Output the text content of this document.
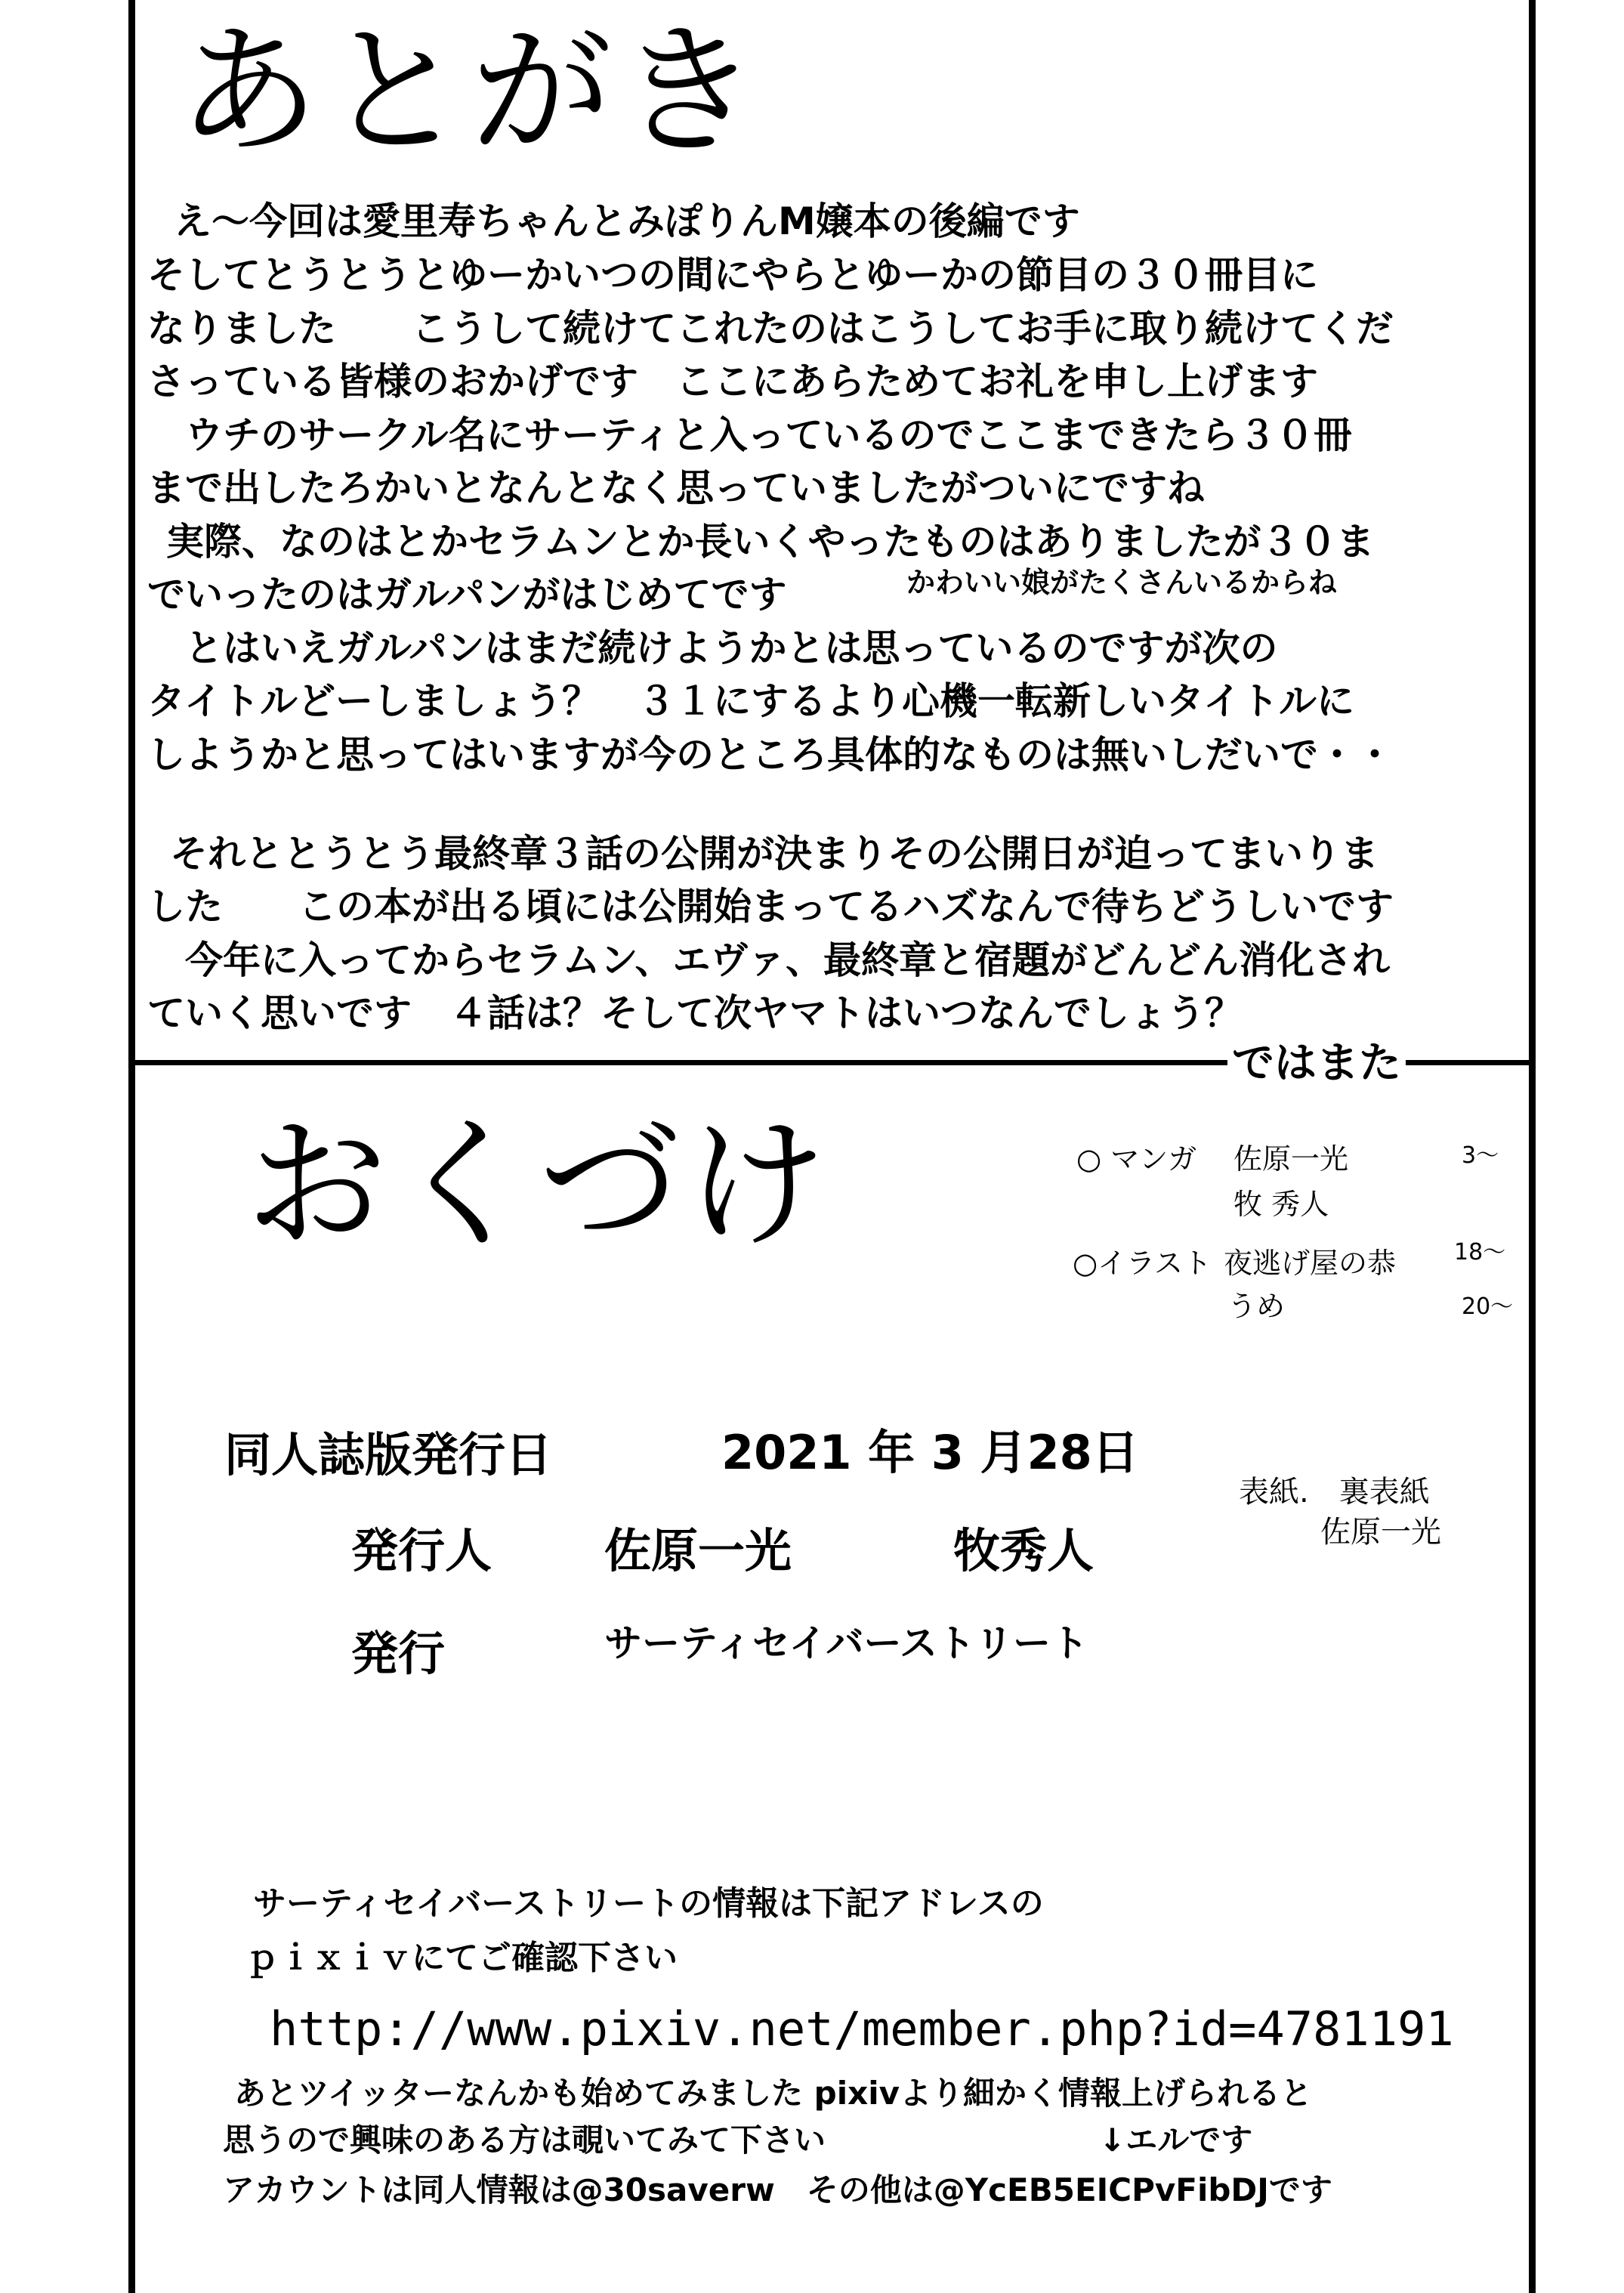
あとがき
え～今回は愛里寿ちゃんとみぽりんM嬢本の後編です
そしてとうとうとゆーかいつの間にやらとゆーかの節目の３０冊目に
なりました　　こうして続けてこれたのはこうしてお手に取り続けてくだ
さっている皆様のおかげです　ここにあらためてお礼を申し上げます
ウチのサークル名にサーティと入っているのでここまできたら３０冊
まで出したろかいとなんとなく思っていましたがついにですね
実際、なのはとかセラムンとか長いくやったものはありましたが３０ま
でいったのはガルパンがはじめてです	かわいい娘がたくさんいるからね
とはいえガルパンはまだ続けようかとは思っているのですが次の
タイトルどーしましょう？　３１にするより心機一転新しいタイトルに
しようかと思ってはいますが今のところ具体的なものは無いしだいで・・
それととうとう最終章３話の公開が決まりその公開日が迫ってまいりま
した　　この本が出る頃には公開始まってるハズなんで待ちどうしいです
今年に入ってからセラムン、エヴァ、最終章と宿題がどんどん消化され
ていく思いです　４話は？そして次ヤマトはいつなんでしょう？
ではまた
おくづけ	○ マンガ 佐原一光	3～
牧 秀人
○イラスト 夜逃げ屋の恭	18～
うめ	20～
同人誌版発行日	2021 年 3 月28日
発行人 佐原一光	牧秀人
発行	サーティセイバーストリート
表紙.　裏表紙
佐原一光
サーティセイバーストリートの情報は下記アドレスの
ｐｉｘｉｖにてご確認下さい
http://www.pixiv.net/member.php?id=4781191
あとツイッターなんかも始めてみました pixivより細かく情報上げられると
思うので興味のある方は覗いてみて下さい	↓エルです
アカウントは同人情報は@30saverw　その他は@YcEB5EICPvFibDJです
